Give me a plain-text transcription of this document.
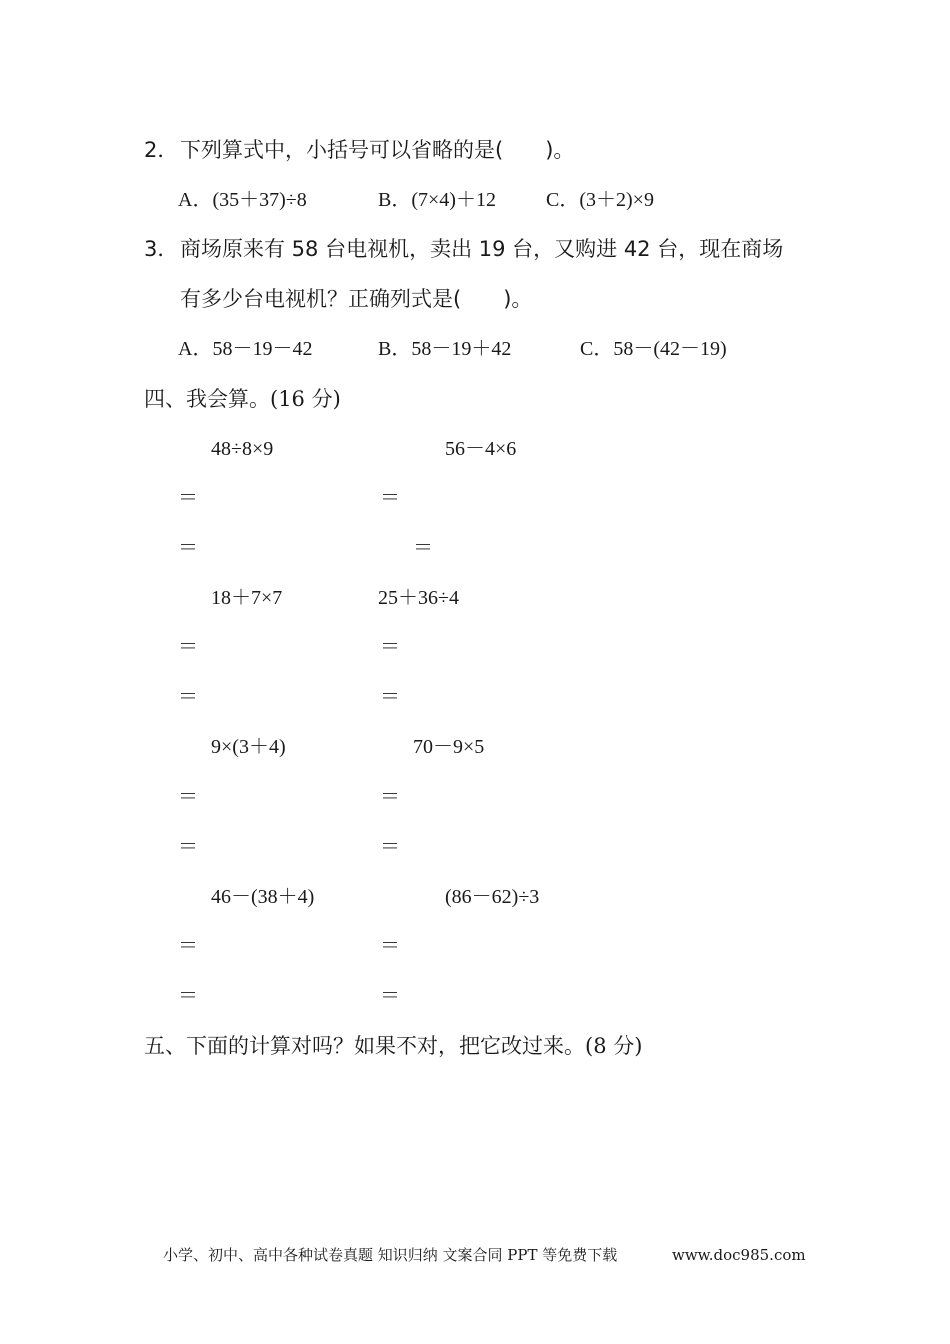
2． 下列算式中，小括号可以省略的是(　　)。
A．(35＋37)÷8	B．(7×4)＋12	C．(3＋2)×9
3． 商场原来有 58 台电视机，卖出 19 台，又购进 42 台，现在商场
有多少台电视机？正确列式是(　　)。
A．58－19－42	B．58－19＋42	C．58－(42－19)
四、我会算。(16 分)
48÷8×9	56－4×6
＝	＝
＝	＝
18＋7×7	25＋36÷4
＝	＝
＝	＝
9×(3＋4)	70－9×5
＝	＝
＝	＝
46－(38＋4)	(86－62)÷3
＝	＝
＝	＝
五、下面的计算对吗？如果不对，把它改过来。(8 分)
小学、初中、高中各种试卷真题 知识归纳 文案合同 PPT 等免费下载	www.doc985.com
